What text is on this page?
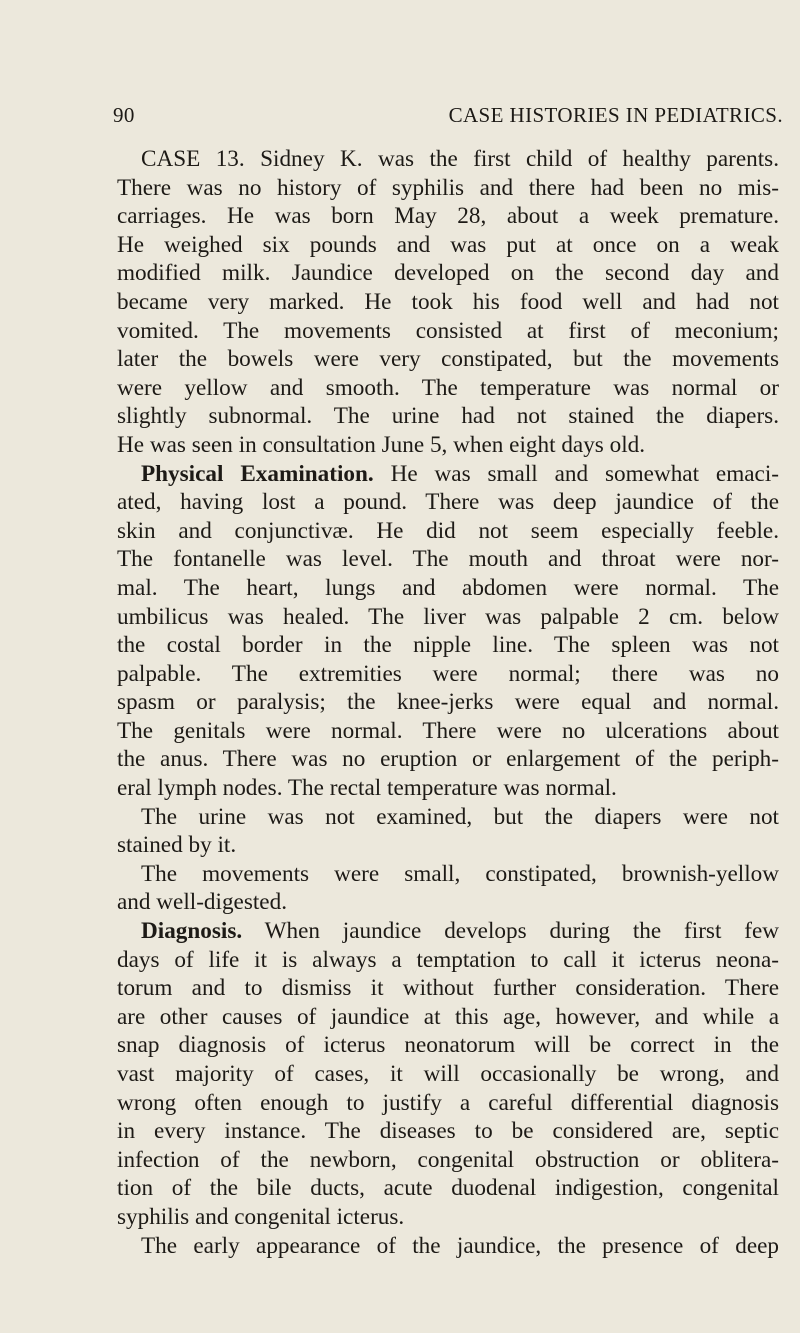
90	CASE HISTORIES IN PEDIATRICS.
CASE 13. Sidney K. was the first child of healthy parents.
There was no history of syphilis and there had been no mis-
carriages. He was born May 28, about a week premature.
He weighed six pounds and was put at once on a weak
modified milk. Jaundice developed on the second day and
became very marked. He took his food well and had not
vomited. The movements consisted at first of meconium;
later the bowels were very constipated, but the movements
were yellow and smooth. The temperature was normal or
slightly subnormal. The urine had not stained the diapers.
He was seen in consultation June 5, when eight days old.
Physical Examination. He was small and somewhat emaci-
ated, having lost a pound. There was deep jaundice of the
skin and conjunctivæ. He did not seem especially feeble.
The fontanelle was level. The mouth and throat were nor-
mal. The heart, lungs and abdomen were normal. The
umbilicus was healed. The liver was palpable 2 cm. below
the costal border in the nipple line. The spleen was not
palpable. The extremities were normal; there was no
spasm or paralysis; the knee-jerks were equal and normal.
The genitals were normal. There were no ulcerations about
the anus. There was no eruption or enlargement of the periph-
eral lymph nodes. The rectal temperature was normal.
The urine was not examined, but the diapers were not
stained by it.
The movements were small, constipated, brownish-yellow
and well-digested.
Diagnosis. When jaundice develops during the first few
days of life it is always a temptation to call it icterus neona-
torum and to dismiss it without further consideration. There
are other causes of jaundice at this age, however, and while a
snap diagnosis of icterus neonatorum will be correct in the
vast majority of cases, it will occasionally be wrong, and
wrong often enough to justify a careful differential diagnosis
in every instance. The diseases to be considered are, septic
infection of the newborn, congenital obstruction or oblitera-
tion of the bile ducts, acute duodenal indigestion, congenital
syphilis and congenital icterus.
The early appearance of the jaundice, the presence of deep
